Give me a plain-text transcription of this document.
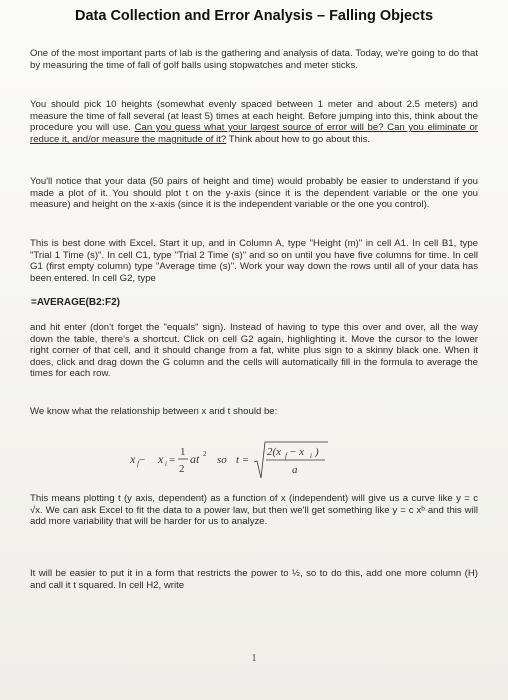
Data Collection and Error Analysis – Falling Objects
One of the most important parts of lab is the gathering and analysis of data. Today, we're going to do that by measuring the time of fall of golf balls using stopwatches and meter sticks.
You should pick 10 heights (somewhat evenly spaced between 1 meter and about 2.5 meters) and measure the time of fall several (at least 5) times at each height. Before jumping into this, think about the procedure you will use. Can you guess what your largest source of error will be? Can you eliminate or reduce it, and/or measure the magnitude of it? Think about how to go about this.
You'll notice that your data (50 pairs of height and time) would probably be easier to understand if you made a plot of it. You should plot t on the y-axis (since it is the dependent variable or the one you measure) and height on the x-axis (since it is the independent variable or the one you control).
This is best done with Excel. Start it up, and in Column A, type "Height (m)" in cell A1. In cell B1, type "Trial 1 Time (s)". In cell C1, type "Trial 2 Time (s)" and so on until you have five columns for time. In cell G1 (first empty column) type "Average time (s)". Work your way down the rows until all of your data has been entered. In cell G2, type
=AVERAGE(B2:F2)
and hit enter (don't forget the "equals" sign). Instead of having to type this over and over, all the way down the table, there's a shortcut. Click on cell G2 again, highlighting it. Move the cursor to the lower right corner of that cell, and it should change from a fat, white plus sign to a skinny black one. When it does, click and drag down the G column and the cells will automatically fill in the formula to average the times for each row.
We know what the relationship between x and t should be:
x f − x i =
1
2
at 2 so t =
2(x f − x i )
a
This means plotting t (y axis, dependent) as a function of x (independent) will give us a curve like y = c √x. We can ask Excel to fit the data to a power law, but then we'll get something like y = c xᵇ and this will add more variability that will be harder for us to analyze.
It will be easier to put it in a form that restricts the power to ½, so to do this, add one more column (H) and call it t squared. In cell H2, write
1
